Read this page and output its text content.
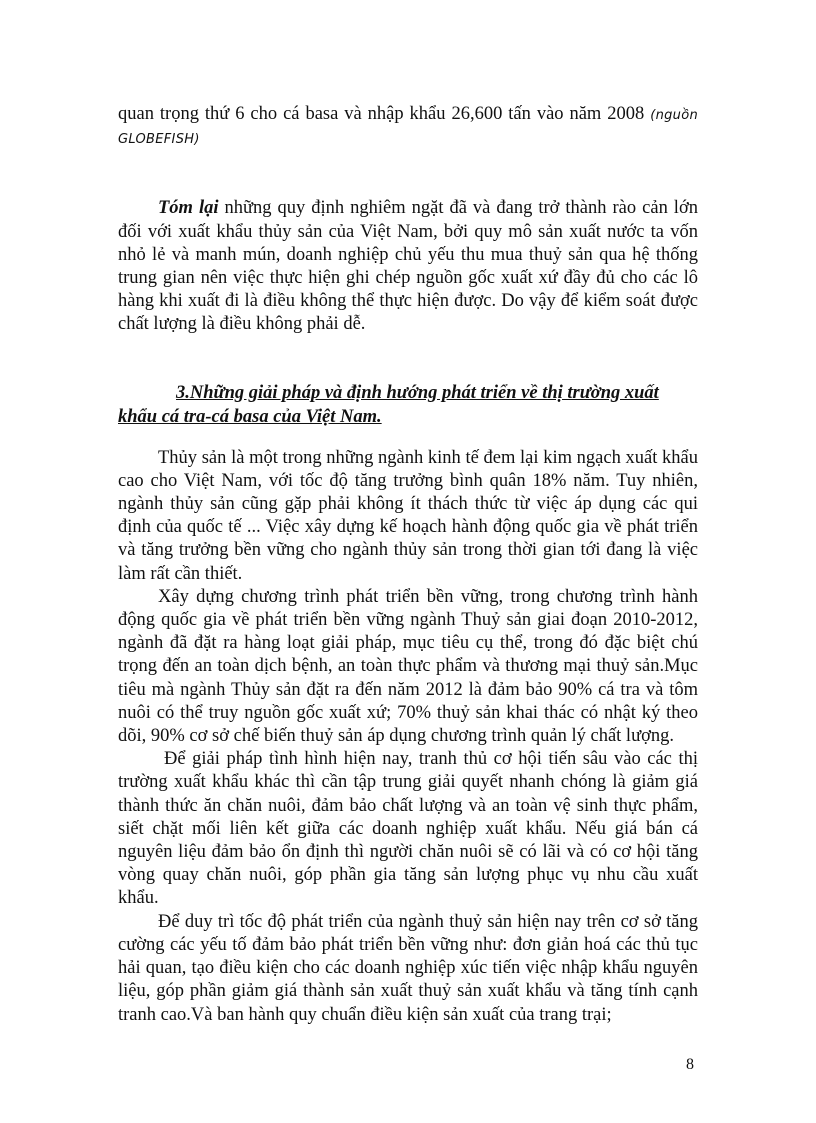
quan trọng thứ 6 cho cá basa và nhập khẩu 26,600 tấn vào năm 2008 (nguồn GLOBEFISH)

Tóm lại những quy định nghiêm ngặt đã và đang trở thành rào cản lớn đối với xuất khẩu thủy sản của Việt Nam, bởi quy mô sản xuất nước ta vốn nhỏ lẻ và manh mún, doanh nghiệp chủ yếu thu mua thuỷ sản qua hệ thống trung gian nên việc thực hiện ghi chép nguồn gốc xuất xứ đầy đủ cho các lô hàng khi xuất đi là điều không thể thực hiện được. Do vậy để kiểm soát được chất lượng là điều không phải dễ.

3.Những giải pháp và định hướng phát triển về thị trường xuất khẩu cá tra-cá basa của Việt Nam.

Thủy sản là một trong những ngành kinh tế đem lại kim ngạch xuất khẩu cao cho Việt Nam, với tốc độ tăng trưởng bình quân 18% năm. Tuy nhiên, ngành thủy sản cũng gặp phải không ít thách thức từ việc áp dụng các qui định của quốc tế ... Việc xây dựng kế hoạch hành động quốc gia về phát triển và tăng trưởng bền vững cho ngành thủy sản trong thời gian tới đang là việc làm rất cần thiết.

Xây dựng chương trình phát triển bền vững, trong chương trình hành động quốc gia về phát triển bền vững ngành Thuỷ sản giai đoạn 2010-2012, ngành đã đặt ra hàng loạt giải pháp, mục tiêu cụ thể, trong đó đặc biệt chú trọng đến an toàn dịch bệnh, an toàn thực phẩm và thương mại thuỷ sản.Mục tiêu mà ngành Thủy sản đặt ra đến năm 2012 là đảm bảo 90% cá tra và tôm nuôi có thể truy nguồn gốc xuất xứ; 70% thuỷ sản khai thác có nhật ký theo dõi, 90% cơ sở chế biến thuỷ sản áp dụng chương trình quản lý chất lượng.

Để giải pháp tình hình hiện nay, tranh thủ cơ hội tiến sâu vào các thị trường xuất khẩu khác thì cần tập trung giải quyết nhanh chóng là giảm giá thành thức ăn chăn nuôi, đảm bảo chất lượng và an toàn vệ sinh thực phẩm, siết chặt mối liên kết giữa các doanh nghiệp xuất khẩu. Nếu giá bán cá nguyên liệu đảm bảo ổn định thì người chăn nuôi sẽ có lãi và có cơ hội tăng vòng quay chăn nuôi, góp phần gia tăng sản lượng phục vụ nhu cầu xuất khẩu.

Để duy trì tốc độ phát triển của ngành thuỷ sản hiện nay trên cơ sở tăng cường các yếu tố đảm bảo phát triển bền vững như: đơn giản hoá các thủ tục hải quan, tạo điều kiện cho các doanh nghiệp xúc tiến việc nhập khẩu nguyên liệu, góp phần giảm giá thành sản xuất thuỷ sản xuất khẩu và tăng tính cạnh tranh cao.Và ban hành quy chuẩn điều kiện sản xuất của trang trại;

8
